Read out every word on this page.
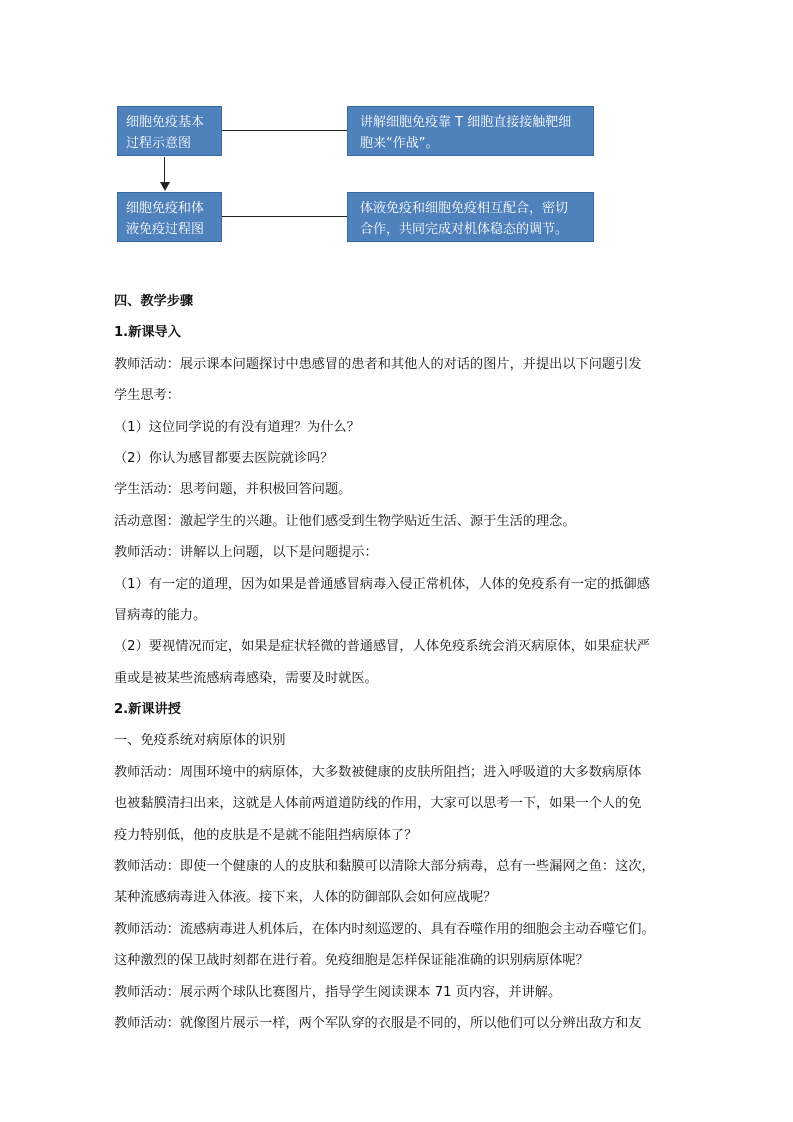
细胞免疫基本
过程示意图
讲解细胞免疫靠 T 细胞直接接触靶细
胞来“作战”。
细胞免疫和体
液免疫过程图
体液免疫和细胞免疫相互配合，密切
合作，共同完成对机体稳态的调节。

四、教学步骤

1.新课导入

教师活动：展示课本问题探讨中患感冒的患者和其他人的对话的图片，并提出以下问题引发

学生思考：

（1）这位同学说的有没有道理？为什么？

（2）你认为感冒都要去医院就诊吗？

学生活动：思考问题，并积极回答问题。

活动意图：激起学生的兴趣。让他们感受到生物学贴近生活、源于生活的理念。

教师活动：讲解以上问题，以下是问题提示：

（1）有一定的道理，因为如果是普通感冒病毒入侵正常机体，人体的免疫系有一定的抵御感

冒病毒的能力。

（2）要视情况而定，如果是症状轻微的普通感冒，人体免疫系统会消灭病原体，如果症状严

重或是被某些流感病毒感染，需要及时就医。

2.新课讲授

一、免疫系统对病原体的识别

教师活动：周围环境中的病原体，大多数被健康的皮肤所阻挡；进入呼吸道的大多数病原体

也被黏膜清扫出来，这就是人体前两道道防线的作用，大家可以思考一下，如果一个人的免

疫力特别低，他的皮肤是不是就不能阻挡病原体了？

教师活动：即使一个健康的人的皮肤和黏膜可以清除大部分病毒，总有一些漏网之鱼：这次，

某种流感病毒进入体液。接下来，人体的防御部队会如何应战呢？

教师活动：流感病毒进人机体后，在体内时刻巡逻的、具有吞噬作用的细胞会主动吞噬它们。

这种激烈的保卫战时刻都在进行着。免疫细胞是怎样保证能准确的识别病原体呢？

教师活动：展示两个球队比赛图片，指导学生阅读课本 71 页内容，并讲解。

教师活动：就像图片展示一样，两个军队穿的衣服是不同的，所以他们可以分辨出敌方和友
